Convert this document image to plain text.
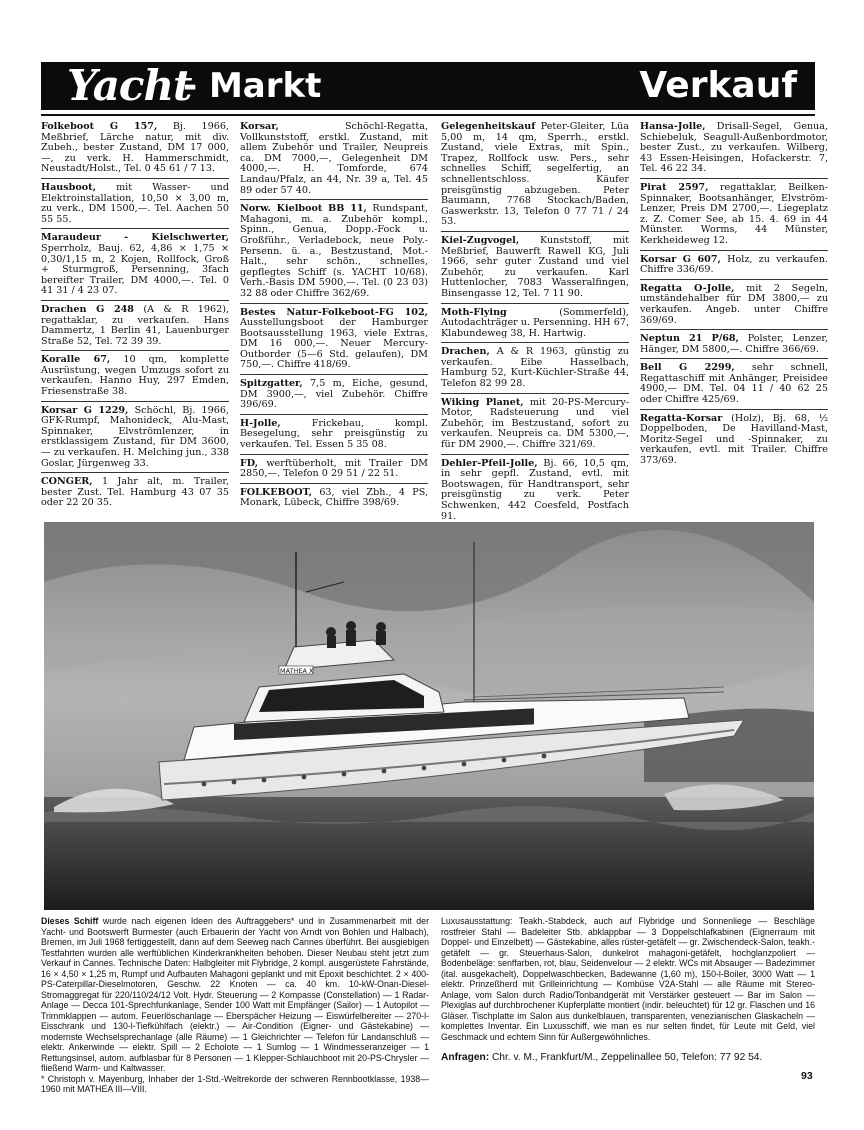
Yacht
- Markt	Verkauf
Folkeboot G 157, Bj. 1966, Meßbrief, Lärche natur, mit div. Zubeh., bester Zustand, DM 17 000,—, zu verk. H. Hammerschmidt, Neustadt/Holst., Tel. 0 45 61 / 7 13.
Hausboot, mit Wasser- und Elektroinstallation, 10,50 × 3,00 m, zu verk., DM 1500,—. Tel. Aachen 50 55 55.
Maraudeur - Kielschwerter, Sperrholz, Bauj. 62, 4,86 × 1,75 × 0,30/1,15 m, 2 Kojen, Rollfock, Groß + Sturmgroß, Persenning, 3fach bereifter Trailer, DM 4000,—. Tel. 0 41 31 / 4 23 07.
Drachen G 248 (A & R 1962), regattaklar, zu verkaufen. Hans Dammertz, 1 Berlin 41, Lauenburger Straße 52, Tel. 72 39 39.
Koralle 67, 10 qm, komplette Ausrüstung, wegen Umzugs sofort zu verkaufen. Hanno Huy, 297 Emden, Friesenstraße 38.
Korsar G 1229, Schöchl, Bj. 1966, GFK-Rumpf, Mahonideck, Alu-Mast, Spinnaker, Elvströmlenzer, in erstklassigem Zustand, für DM 3600,— zu verkaufen. H. Melching jun., 338 Goslar, Jürgenweg 33.
CONGER, 1 Jahr alt, m. Trailer, bester Zust. Tel. Hamburg 43 07 35 oder 22 20 35.
Korsar, Schöchl-Regatta, Vollkunststoff, erstkl. Zustand, mit allem Zubehör und Trailer, Neupreis ca. DM 7000,—, Gelegenheit DM 4000,—. H. Tomforde, 674 Landau/Pfalz, an 44, Nr. 39 a, Tel. 45 89 oder 57 40.
Norw. Kielboot BB 11, Rundspant, Mahagoni, m. a. Zubehör kompl., Spinn., Genua, Dopp.-Fock u. Großführ., Verladebock, neue Poly.-Persenn. ü. a., Bestzustand, Mot.-Halt., sehr schön., schnelles, gepflegtes Schiff (s. YACHT 10/68). Verh.-Basis DM 5900,—. Tel. (0 23 03) 32 88 oder Chiffre 362/69.
Bestes Natur-Folkeboot-FG 102, Ausstellungsboot der Hamburger Bootsausstellung 1963, viele Extras, DM 16 000,—. Neuer Mercury-Outborder (5—6 Std. gelaufen), DM 750,—. Chiffre 418/69.
Spitzgatter, 7,5 m, Eiche, gesund, DM 3900,—, viel Zubehör. Chiffre 396/69.
H-Jolle, Frickebau, kompl. Besegelung, sehr preisgünstig zu verkaufen. Tel. Essen 5 35 08.
FD, werftüberholt, mit Trailer DM 2850,—. Telefon 0 29 51 / 22 51.
FOLKEBOOT, 63, viel Zbh., 4 PS, Monark, Lübeck, Chiffre 398/69.
Gelegenheitskauf Peter-Gleiter, Lüa 5,00 m, 14 qm, Sperrh., erstkl. Zustand, viele Extras, mit Spin., Trapez, Rollfock usw. Pers., sehr schnelles Schiff, segelfertig, an schnellentschloss. Käufer preisgünstig abzugeben. Peter Baumann, 7768 Stockach/Baden, Gaswerkstr. 13, Telefon 0 77 71 / 24 53.
Kiel-Zugvogel, Kunststoff, mit Meßbrief, Bauwerft Rawell KG, Juli 1966, sehr guter Zustand und viel Zubehör, zu verkaufen. Karl Huttenlocher, 7083 Wasseralfingen, Binsengasse 12, Tel. 7 11 90.
Moth-Flying (Sommerfeld), Autodachträger u. Persenning. HH 67, Klabundeweg 38, H. Hartwig.
Drachen, A & R 1963, günstig zu verkaufen. Eibe Hasselbach, Hamburg 52, Kurt-Küchler-Straße 44, Telefon 82 99 28.
Wiking Planet, mit 20-PS-Mercury-Motor, Radsteuerung und viel Zubehör, im Bestzustand, sofort zu verkaufen. Neupreis ca. DM 5300,—, für DM 2900,—. Chiffre 321/69.
Dehler-Pfeil-Jolle, Bj. 66, 10,5 qm, in sehr gepfl. Zustand, evtl. mit Bootswagen, für Handtransport, sehr preisgünstig zu verk. Peter Schwenken, 442 Coesfeld, Postfach 91.
Hansa-Jolle, Drisall-Segel, Genua, Schiebeluk, Seagull-Außenbordmotor, bester Zust., zu verkaufen. Wilberg, 43 Essen-Heisingen, Hofackerstr. 7, Tel. 46 22 34.
Pirat 2597, regattaklar, Beilken-Spinnaker, Bootsanhänger, Elvström-Lenzer, Preis DM 2700,—. Liegeplatz z. Z. Comer See, ab 15. 4. 69 in 44 Münster. Worms, 44 Münster, Kerkheideweg 12.
Korsar G 607, Holz, zu verkaufen. Chiffre 336/69.
Regatta O-Jolle, mit 2 Segeln, umständehalber für DM 3800,— zu verkaufen. Angeb. unter Chiffre 369/69.
Neptun 21 P/68, Polster, Lenzer, Hänger, DM 5800,—. Chiffre 366/69.
Bell G 2299, sehr schnell, Regattaschiff mit Anhänger, Preisidee 4900,— DM. Tel. 04 11 / 40 62 25 oder Chiffre 425/69.
Regatta-Korsar (Holz), Bj. 68, ½ Doppelboden, De Havilland-Mast, Moritz-Segel und -Spinnaker, zu verkaufen, evtl. mit Trailer. Chiffre 373/69.
MATHEA X
Dieses Schiff wurde nach eigenen Ideen des Auftraggebers* und in Zusammenarbeit mit der Yacht- und Bootswerft Burmester (auch Erbauerin der Yacht von Arndt von Bohlen und Halbach), Bremen, im Juli 1968 fertiggestellt, dann auf dem Seeweg nach Cannes überführt. Bei ausgiebigen Testfahrten wurden alle werftüblichen Kinderkrankheiten behoben. Dieser Neubau steht jetzt zum Verkauf in Cannes. Technische Daten: Halbgleiter mit Flybridge, 2 kompl. ausgerüstete Fahrstände, 16 × 4,50 × 1,25 m, Rumpf und Aufbauten Mahagoni geplankt und mit Epoxit beschichtet. 2 × 400-PS-Caterpillar-Dieselmotoren, Geschw. 22 Knoten — ca. 40 km. 10-kW-Onan-Diesel-Stromaggregat für 220/110/24/12 Volt. Hydr. Steuerung — 2 Kompasse (Constellation) — 1 Radar-Anlage — Decca 101-Sprechfunkanlage, Sender 100 Watt mit Empfänger (Sailor) — 1 Autopilot — Trimmklappen — autom. Feuerlöschanlage — Eberspächer Heizung — Eiswürfelbereiter — 270-l-Eisschrank und 130-l-Tiefkühlfach (elektr.) — Air-Condition (Eigner- und Gästekabine) — modernste Wechselsprechanlage (alle Räume) — 1 Gleichrichter — Telefon für Landanschluß — elektr. Ankerwinde — elektr. Spill — 2 Echolote — 1 Sumlog — 1 Windmesseranzeiger — 1 Rettungsinsel, autom. aufblasbar für 8 Personen — 1 Klepper-Schlauchboot mit 20-PS-Chrysler — fließend Warm- und Kaltwasser.
* Christoph v. Mayenburg, Inhaber der 1-Std.-Weltrekorde der schweren Rennbootklasse, 1938—1960 mit MATHEA III—VIII.
Luxusausstattung: Teakh.-Stabdeck, auch auf Flybridge und Sonnenliege — Beschläge rostfreier Stahl — Badeleiter Stb. abklappbar — 3 Doppelschlafkabinen (Eignerraum mit Doppel- und Einzelbett) — Gästekabine, alles rüster-getäfelt — gr. Zwischendeck-Salon, teakh.-getäfelt — gr. Steuerhaus-Salon, dunkelrot mahagoni-getäfelt, hochglanzpoliert — Bodenbeläge: senffarben, rot, blau, Seidenvelour — 2 elektr. WCs mit Absauger — Badezimmer (ital. ausgekachelt), Doppelwaschbecken, Badewanne (1,60 m), 150-l-Boiler, 3000 Watt — 1 elektr. Prinzeßherd mit Grilleinrichtung — Kombüse V2A-Stahl — alle Räume mit Stereo-Anlage, vom Salon durch Radio/Tonbandgerät mit Verstärker gesteuert — Bar im Salon — Plexiglas auf durchbrochener Kupferplatte montiert (indir. beleuchtet) für 12 gr. Flaschen und 16 Gläser. Tischplatte im Salon aus dunkelblauen, transparenten, venezianischen Glaskacheln — komplettes Inventar. Ein Luxusschiff, wie man es nur selten findet, für Leute mit Geld, viel Geschmack und echtem Sinn für Außergewöhnliches.
Anfragen: Chr. v. M., Frankfurt/M., Zeppelinallee 50, Telefon: 77 92 54.
93
